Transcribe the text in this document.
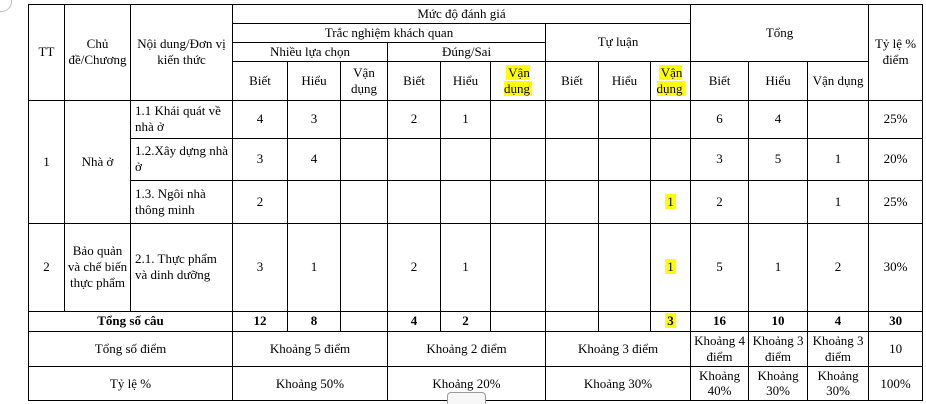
TT	Chủ đề/Chương	Nội dung/Đơn vị kiến thức	Mức độ đánh giá									Tổng			Tỷ lệ % điểm
			Trắc nghiệm khách quan						Tự luận						
			Nhiều lựa chọn			Đúng/Sai									
			Biết	Hiểu	Vận dụng	Biết	Hiểu	Vận dụng	Biết	Hiểu	Vận dụng	Biết	Hiểu	Vận dụng	
1	Nhà ở	1.1 Khái quát về nhà ở	4	3		2	1					6	4		25%
		1.2.Xây dựng nhà ở	3	4								3	5	1	20%
		1.3. Ngôi nhà thông minh	2								1	2		1	25%
2	Bảo quản và chế biến thực phẩm	2.1. Thực phẩm và dinh dưỡng	3	1		2	1				1	5	1	2	30%
Tổng số câu			12	8		4	2				3	16	10	4	30
Tổng số điểm			Khoảng 5 điểm			Khoảng 2 điểm			Khoảng 3 điểm			Khoảng 4 điểm	Khoảng 3 điểm	Khoảng 3 điểm	10
Tỷ lệ %			Khoảng 50%			Khoảng 20%			Khoảng 30%			Khoảng 40%	Khoảng 30%	Khoảng 30%	100%
